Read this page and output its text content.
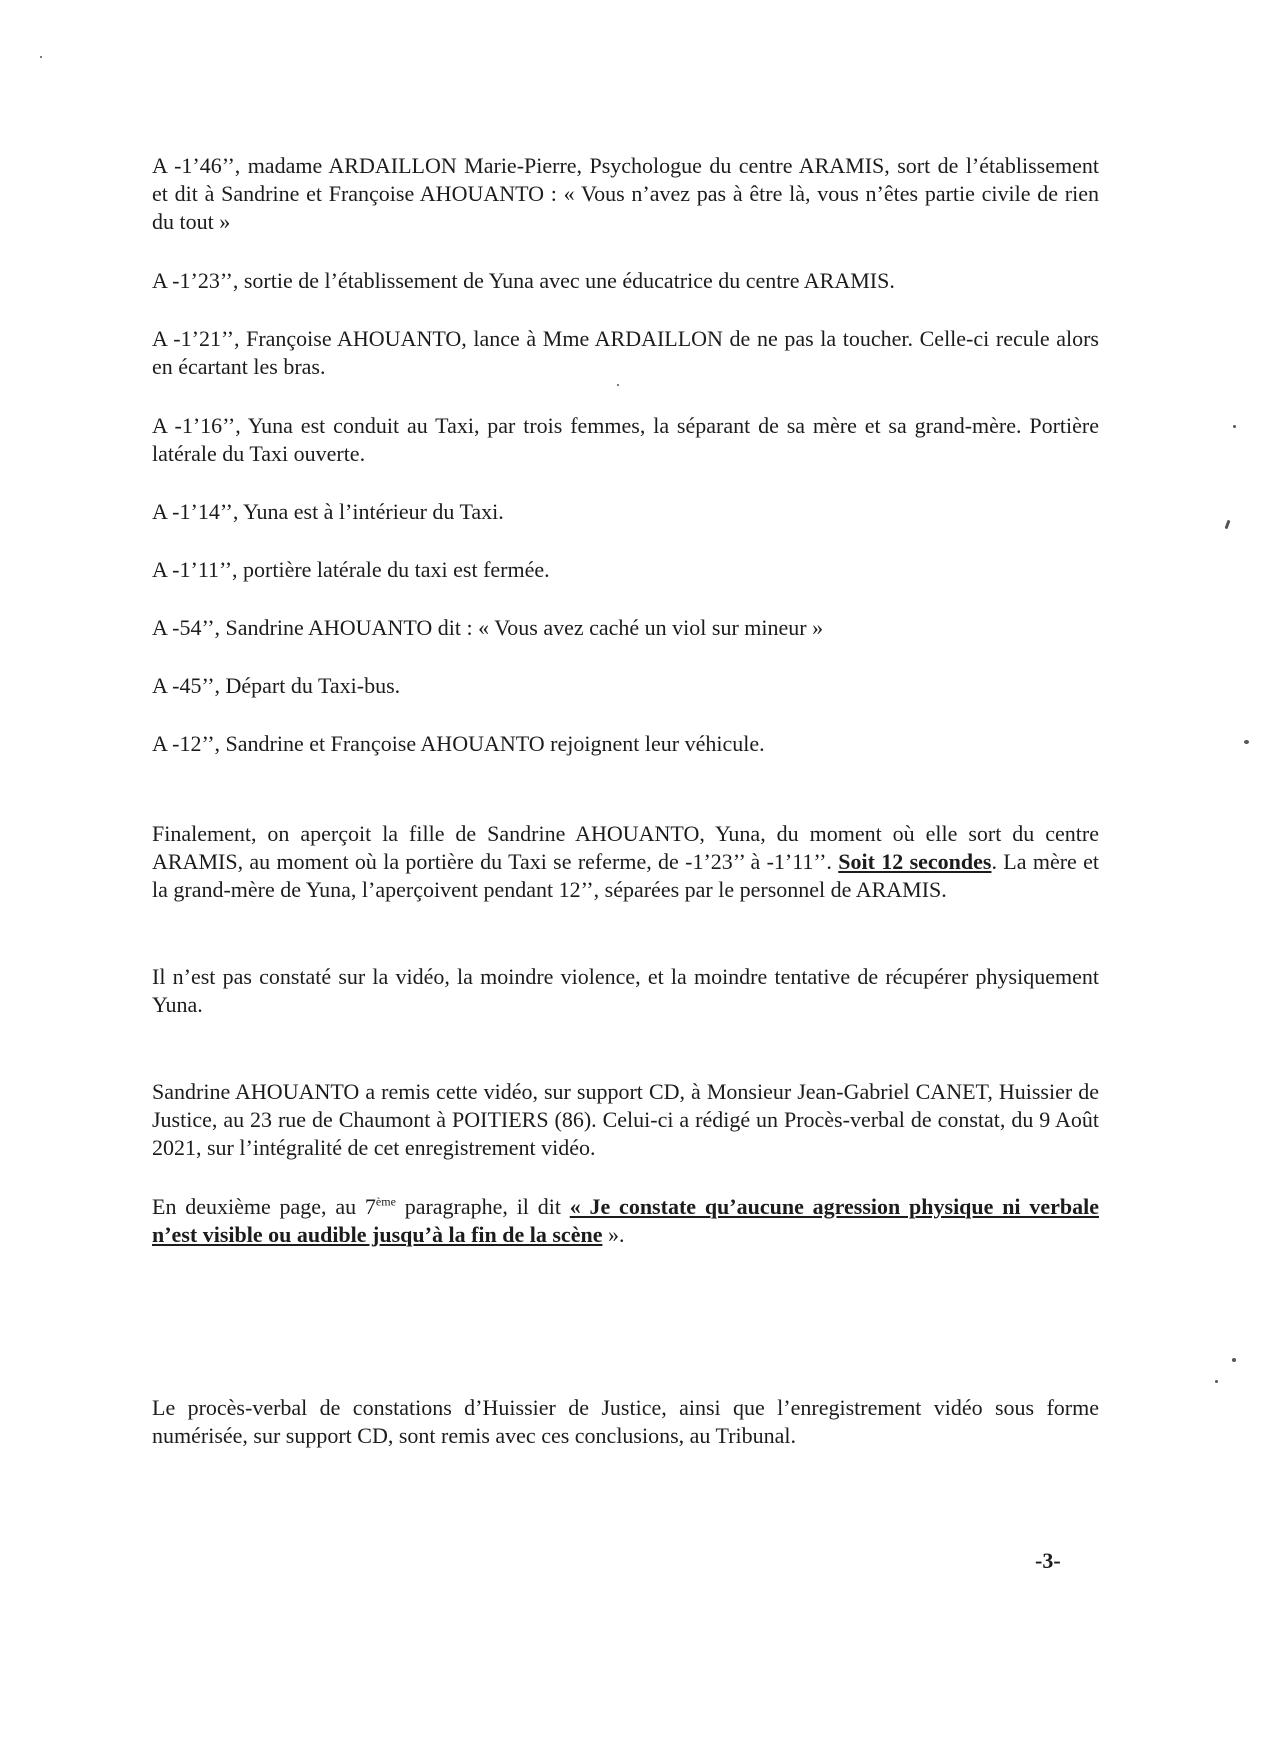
A -1’46’’, madame ARDAILLON Marie-Pierre, Psychologue du centre ARAMIS, sort de l’établissement et dit à Sandrine et Françoise AHOUANTO : « Vous n’avez pas à être là, vous n’êtes partie civile de rien du tout »

A -1’23’’, sortie de l’établissement de Yuna avec une éducatrice du centre ARAMIS.

A -1’21’’, Françoise AHOUANTO, lance à Mme ARDAILLON de ne pas la toucher. Celle-ci recule alors en écartant les bras.

A -1’16’’, Yuna est conduit au Taxi, par trois femmes, la séparant de sa mère et sa grand-mère. Portière latérale du Taxi ouverte.

A -1’14’’, Yuna est à l’intérieur du Taxi.

A -1’11’’, portière latérale du taxi est fermée.

A -54’’, Sandrine AHOUANTO dit : « Vous avez caché un viol sur mineur »

A -45’’, Départ du Taxi-bus.

A -12’’, Sandrine et Françoise AHOUANTO rejoignent leur véhicule.

Finalement, on aperçoit la fille de Sandrine AHOUANTO, Yuna, du moment où elle sort du centre ARAMIS, au moment où la portière du Taxi se referme, de -1’23’’ à -1’11’’. Soit 12 secondes. La mère et la grand-mère de Yuna, l’aperçoivent pendant 12’’, séparées par le personnel de ARAMIS.

Il n’est pas constaté sur la vidéo, la moindre violence, et la moindre tentative de récupérer physiquement Yuna.

Sandrine AHOUANTO a remis cette vidéo, sur support CD, à Monsieur Jean-Gabriel CANET, Huissier de Justice, au 23 rue de Chaumont à POITIERS (86). Celui-ci a rédigé un Procès-verbal de constat, du 9 Août 2021, sur l’intégralité de cet enregistrement vidéo.

En deuxième page, au 7ème paragraphe, il dit « Je constate qu’aucune agression physique ni verbale n’est visible ou audible jusqu’à la fin de la scène ».

Le procès-verbal de constations d’Huissier de Justice, ainsi que l’enregistrement vidéo sous forme numérisée, sur support CD, sont remis avec ces conclusions, au Tribunal.

-3-
